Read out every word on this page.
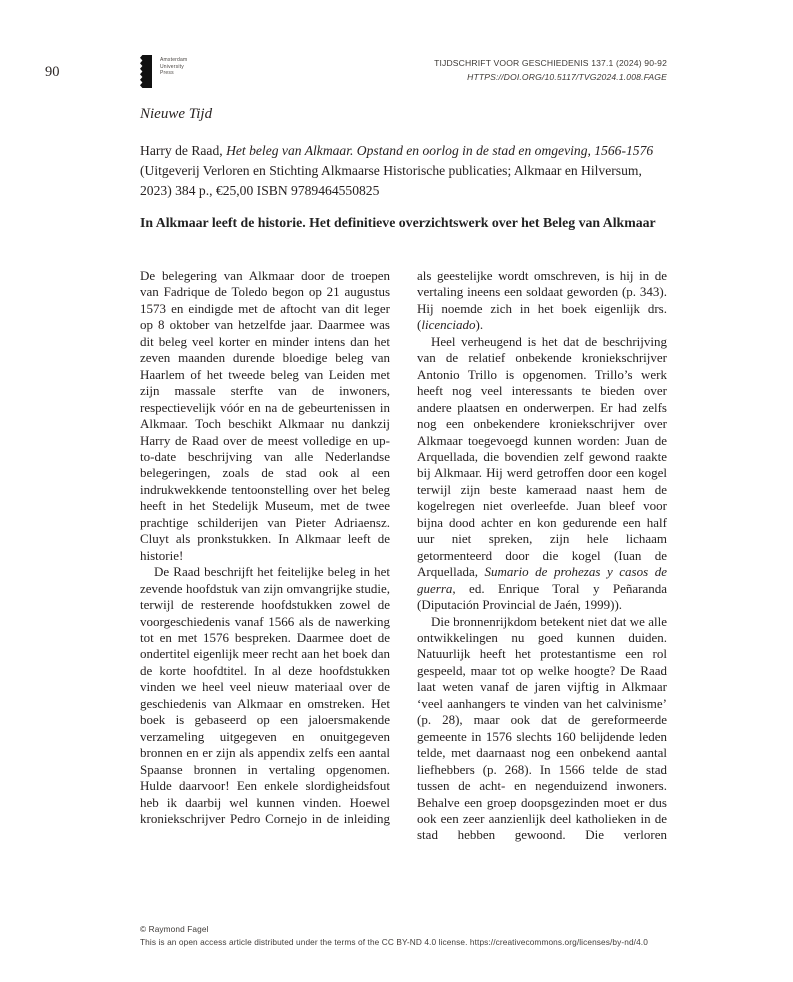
90
Amsterdam
University
Press
TIJDSCHRIFT VOOR GESCHIEDENIS 137.1 (2024) 90-92
HTTPS://DOI.ORG/10.5117/TVG2024.1.008.FAGE
Nieuwe Tijd

Harry de Raad, Het beleg van Alkmaar. Opstand en oorlog in de stad en omgeving, 1566-1576 (Uitgeverij Verloren en Stichting Alkmaarse Historische publicaties; Alkmaar en Hilversum, 2023) 384 p., €25,00 ISBN 9789464550825

In Alkmaar leeft de historie. Het definitieve overzichtswerk over het Beleg van Alkmaar

De belegering van Alkmaar door de troepen van Fadrique de Toledo begon op 21 augustus 1573 en eindigde met de aftocht van dit leger op 8 oktober van hetzelfde jaar. Daarmee was dit beleg veel korter en minder intens dan het zeven maanden durende bloedige beleg van Haarlem of het tweede beleg van Leiden met zijn massale sterfte van de inwoners, respectievelijk vóór en na de gebeurtenissen in Alkmaar. Toch beschikt Alkmaar nu dankzij Harry de Raad over de meest volledige en up-to-date beschrijving van alle Nederlandse belegeringen, zoals de stad ook al een indrukwekkende tentoonstelling over het beleg heeft in het Stedelijk Museum, met de twee prachtige schilderijen van Pieter Adriaensz. Cluyt als pronkstukken. In Alkmaar leeft de historie!

De Raad beschrijft het feitelijke beleg in het zevende hoofdstuk van zijn omvangrijke studie, terwijl de resterende hoofdstukken zowel de voorgeschiedenis vanaf 1566 als de nawerking tot en met 1576 bespreken. Daarmee doet de ondertitel eigenlijk meer recht aan het boek dan de korte hoofdtitel. In al deze hoofdstukken vinden we heel veel nieuw materiaal over de geschiedenis van Alkmaar en omstreken. Het boek is gebaseerd op een jaloersmakende verzameling uitgegeven en onuitgegeven bronnen en er zijn als appendix zelfs een aantal Spaanse bronnen in vertaling opgenomen. Hulde daarvoor! Een enkele slordigheidsfout heb ik daarbij wel kunnen vinden. Hoewel kroniekschrijver Pedro Cornejo in de inleiding

als geestelijke wordt omschreven, is hij in de vertaling ineens een soldaat geworden (p. 343). Hij noemde zich in het boek eigenlijk drs. (licenciado).

Heel verheugend is het dat de beschrijving van de relatief onbekende kroniekschrijver Antonio Trillo is opgenomen. Trillo’s werk heeft nog veel interessants te bieden over andere plaatsen en onderwerpen. Er had zelfs nog een onbekendere kroniekschrijver over Alkmaar toegevoegd kunnen worden: Juan de Arquellada, die bovendien zelf gewond raakte bij Alkmaar. Hij werd getroffen door een kogel terwijl zijn beste kameraad naast hem de kogelregen niet overleefde. Juan bleef voor bijna dood achter en kon gedurende een half uur niet spreken, zijn hele lichaam getormenteerd door die kogel (Iuan de Arquellada, Sumario de prohezas y casos de guerra, ed. Enrique Toral y Peñaranda (Diputación Provincial de Jaén, 1999)).

Die bronnenrijkdom betekent niet dat we alle ontwikkelingen nu goed kunnen duiden. Natuurlijk heeft het protestantisme een rol gespeeld, maar tot op welke hoogte? De Raad laat weten vanaf de jaren vijftig in Alkmaar ‘veel aanhangers te vinden van het calvinisme’ (p. 28), maar ook dat de gereformeerde gemeente in 1576 slechts 160 belijdende leden telde, met daarnaast nog een onbekend aantal liefhebbers (p. 268). In 1566 telde de stad tussen de acht- en negenduizend inwoners. Behalve een groep doopsgezinden moet er dus ook een zeer aanzienlijk deel katholieken in de stad hebben gewoond. Die verloren

© Raymond Fagel
This is an open access article distributed under the terms of the CC BY-ND 4.0 license. https://creativecommons.org/licenses/by-nd/4.0
